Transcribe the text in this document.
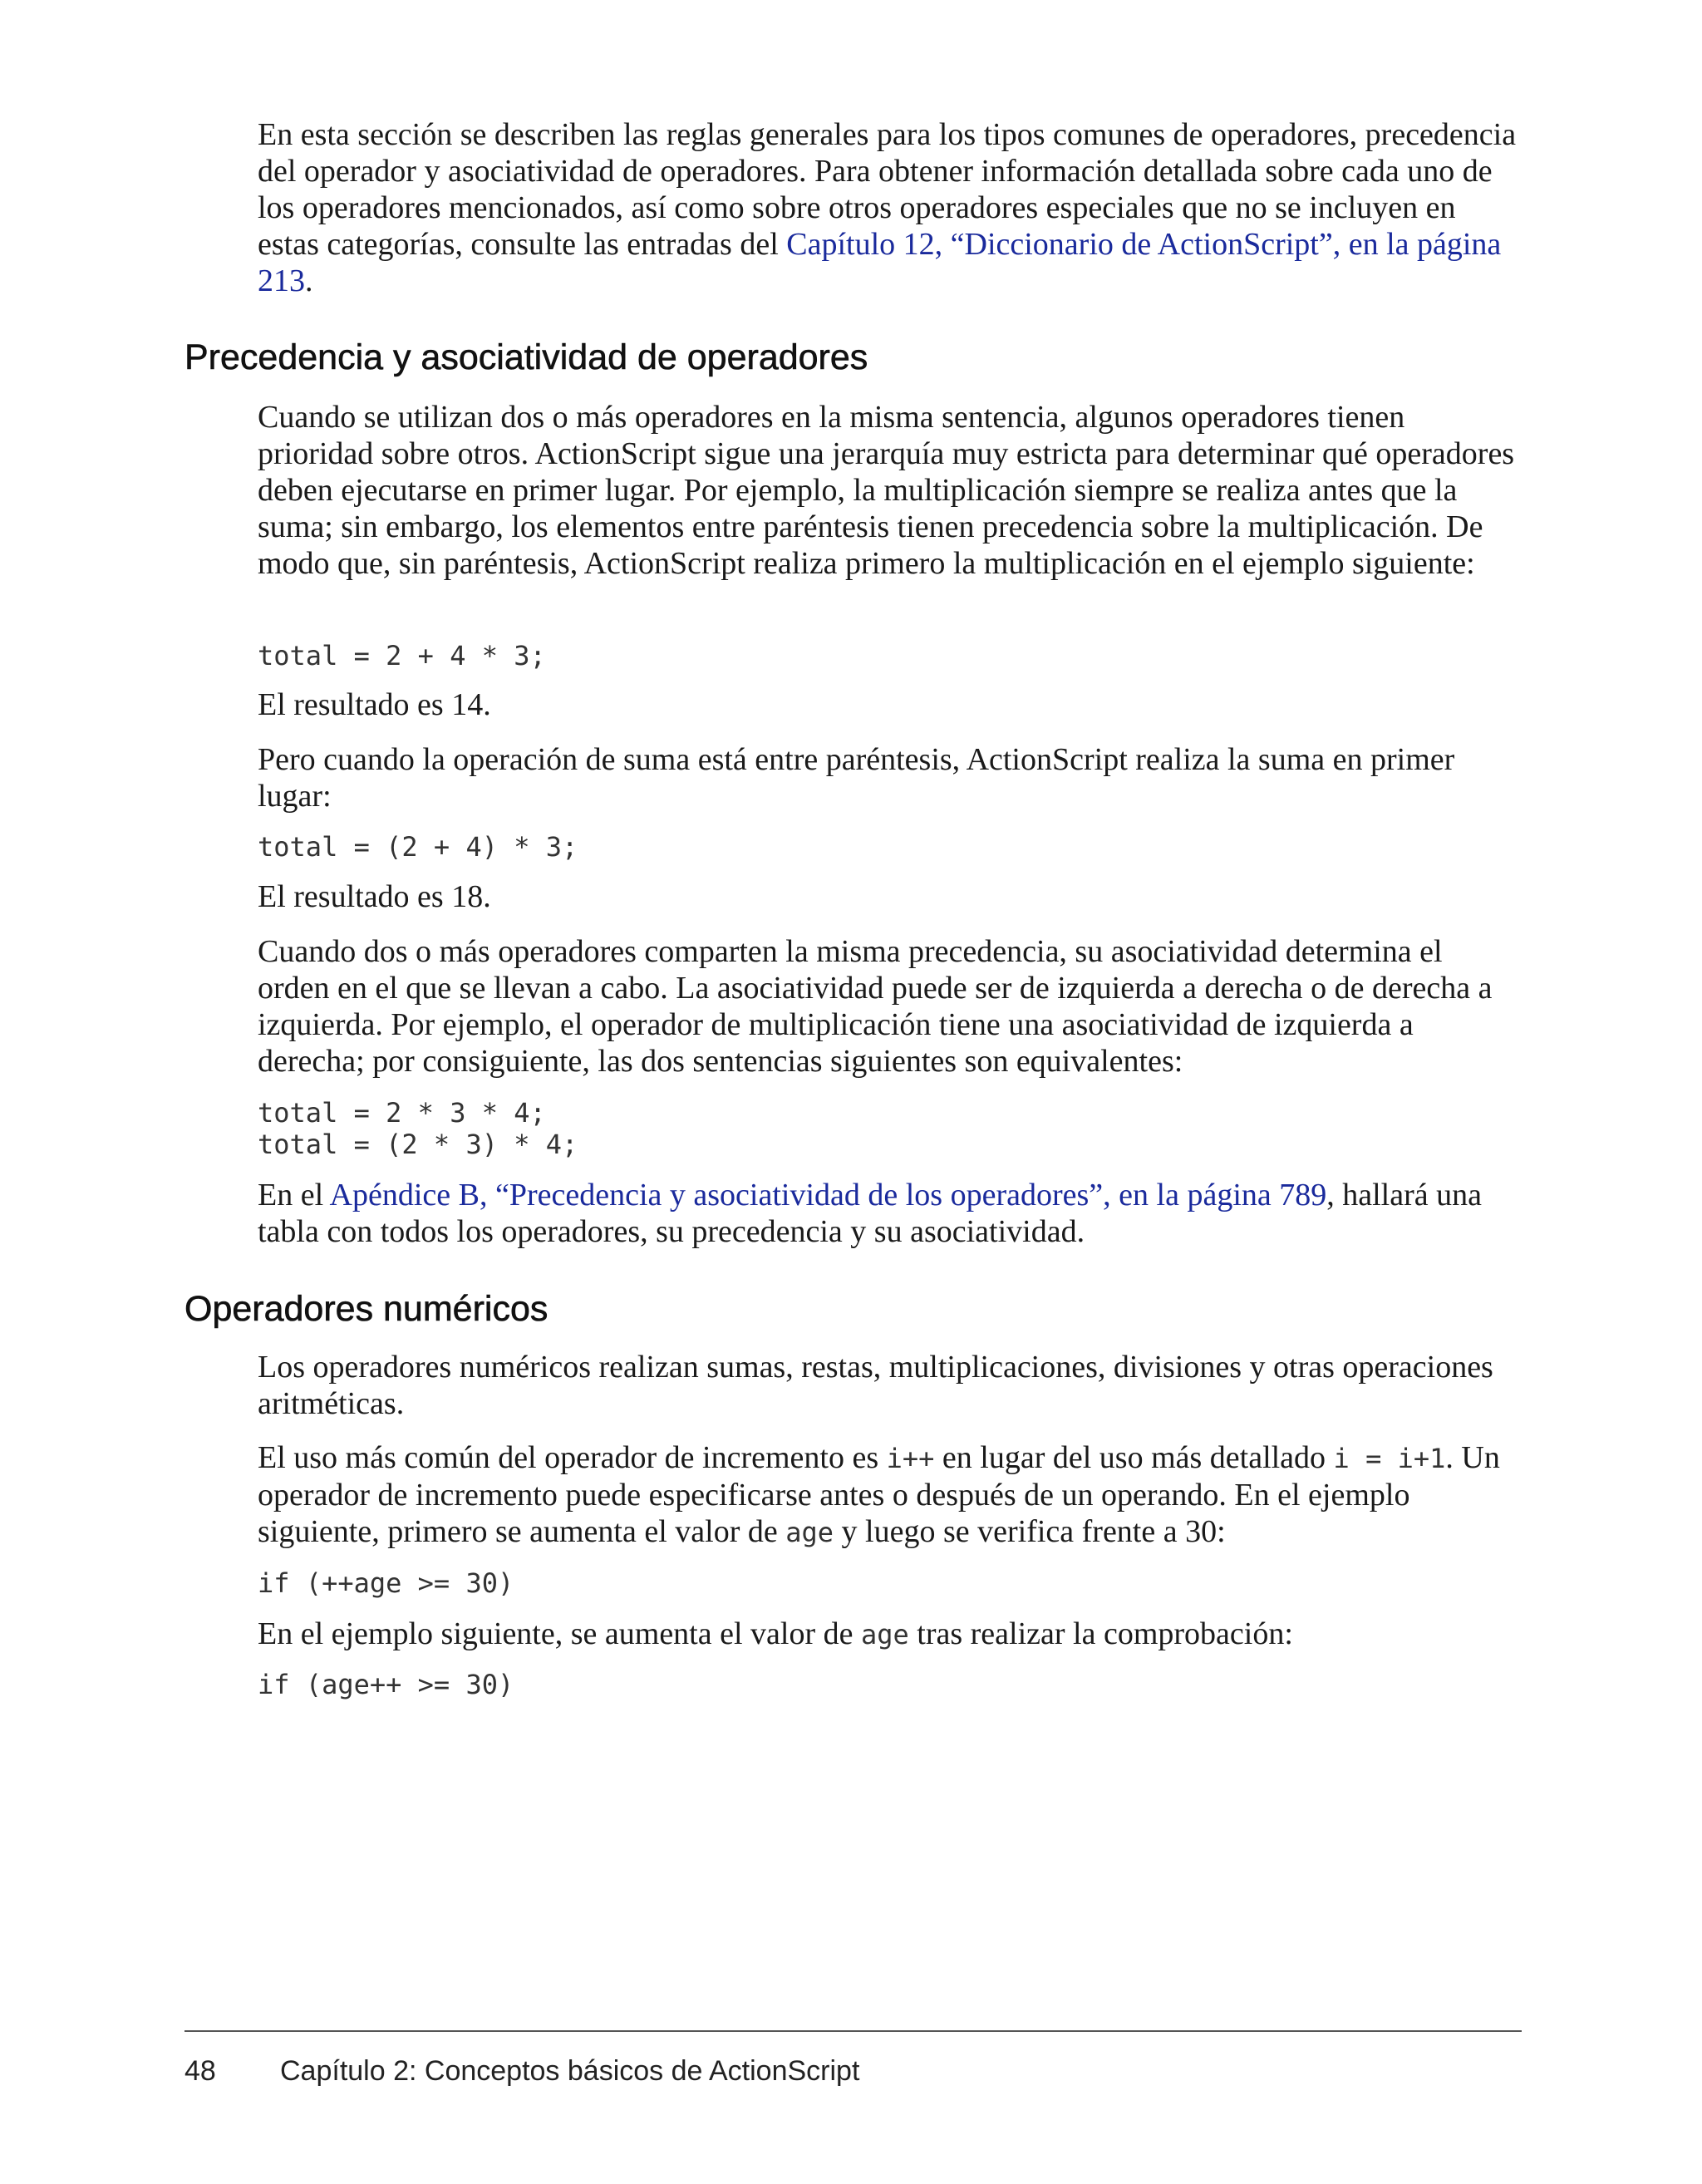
En esta sección se describen las reglas generales para los tipos comunes de operadores, precedencia del operador y asociatividad de operadores. Para obtener información detallada sobre cada uno de los operadores mencionados, así como sobre otros operadores especiales que no se incluyen en estas categorías, consulte las entradas del Capítulo 12, “Diccionario de ActionScript”, en la página 213.

Precedencia y asociatividad de operadores

Cuando se utilizan dos o más operadores en la misma sentencia, algunos operadores tienen prioridad sobre otros. ActionScript sigue una jerarquía muy estricta para determinar qué operadores deben ejecutarse en primer lugar. Por ejemplo, la multiplicación siempre se realiza antes que la suma; sin embargo, los elementos entre paréntesis tienen precedencia sobre la multiplicación. De modo que, sin paréntesis, ActionScript realiza primero la multiplicación en el ejemplo siguiente:

total = 2 + 4 * 3;

El resultado es 14.

Pero cuando la operación de suma está entre paréntesis, ActionScript realiza la suma en primer lugar:

total = (2 + 4) * 3;

El resultado es 18.

Cuando dos o más operadores comparten la misma precedencia, su asociatividad determina el orden en el que se llevan a cabo. La asociatividad puede ser de izquierda a derecha o de derecha a izquierda. Por ejemplo, el operador de multiplicación tiene una asociatividad de izquierda a derecha; por consiguiente, las dos sentencias siguientes son equivalentes:

total = 2 * 3 * 4;
total = (2 * 3) * 4;

En el Apéndice B, “Precedencia y asociatividad de los operadores”, en la página 789, hallará una tabla con todos los operadores, su precedencia y su asociatividad.

Operadores numéricos

Los operadores numéricos realizan sumas, restas, multiplicaciones, divisiones y otras operaciones aritméticas.

El uso más común del operador de incremento es i++ en lugar del uso más detallado i = i+1. Un operador de incremento puede especificarse antes o después de un operando. En el ejemplo siguiente, primero se aumenta el valor de age y luego se verifica frente a 30:

if (++age >= 30)

En el ejemplo siguiente, se aumenta el valor de age tras realizar la comprobación:

if (age++ >= 30)
48 Capítulo 2: Conceptos básicos de ActionScript
